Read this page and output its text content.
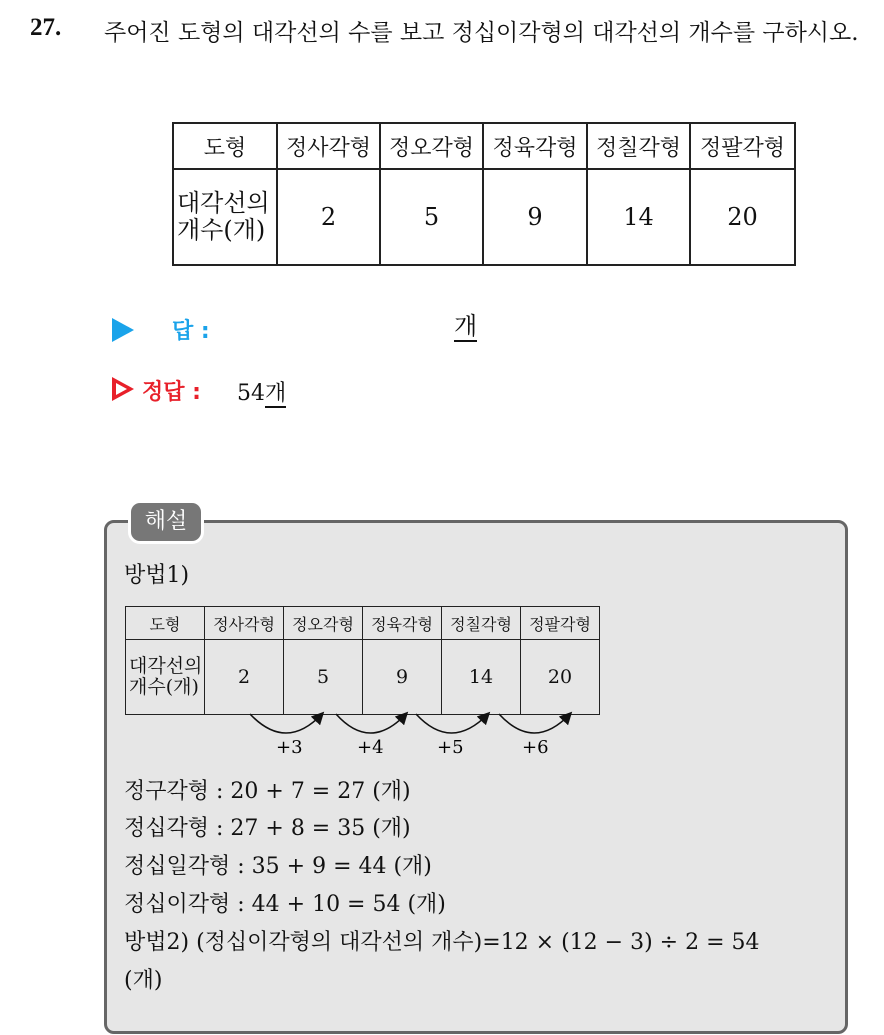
27. 주어진 도형의 대각선의 수를 보고 정십이각형의 대각선의 개수를 구하시오.
도형	정사각형	정오각형	정육각형	정칠각형	정팔각형
대각선의 개수(개)	2	5	9	14	20
답 :	개
정답 : 54개
해설
방법1)
도형	정사각형	정오각형	정육각형	정칠각형	정팔각형
대각선의 개수(개)	2	5	9	14	20
+3	+4	+5	+6
정구각형 : 20 + 7 = 27 (개)
정십각형 : 27 + 8 = 35 (개)
정십일각형 : 35 + 9 = 44 (개)
정십이각형 : 44 + 10 = 54 (개)
방법2) (정십이각형의 대각선의 개수)=12 × (12 − 3) ÷ 2 = 54
(개)
